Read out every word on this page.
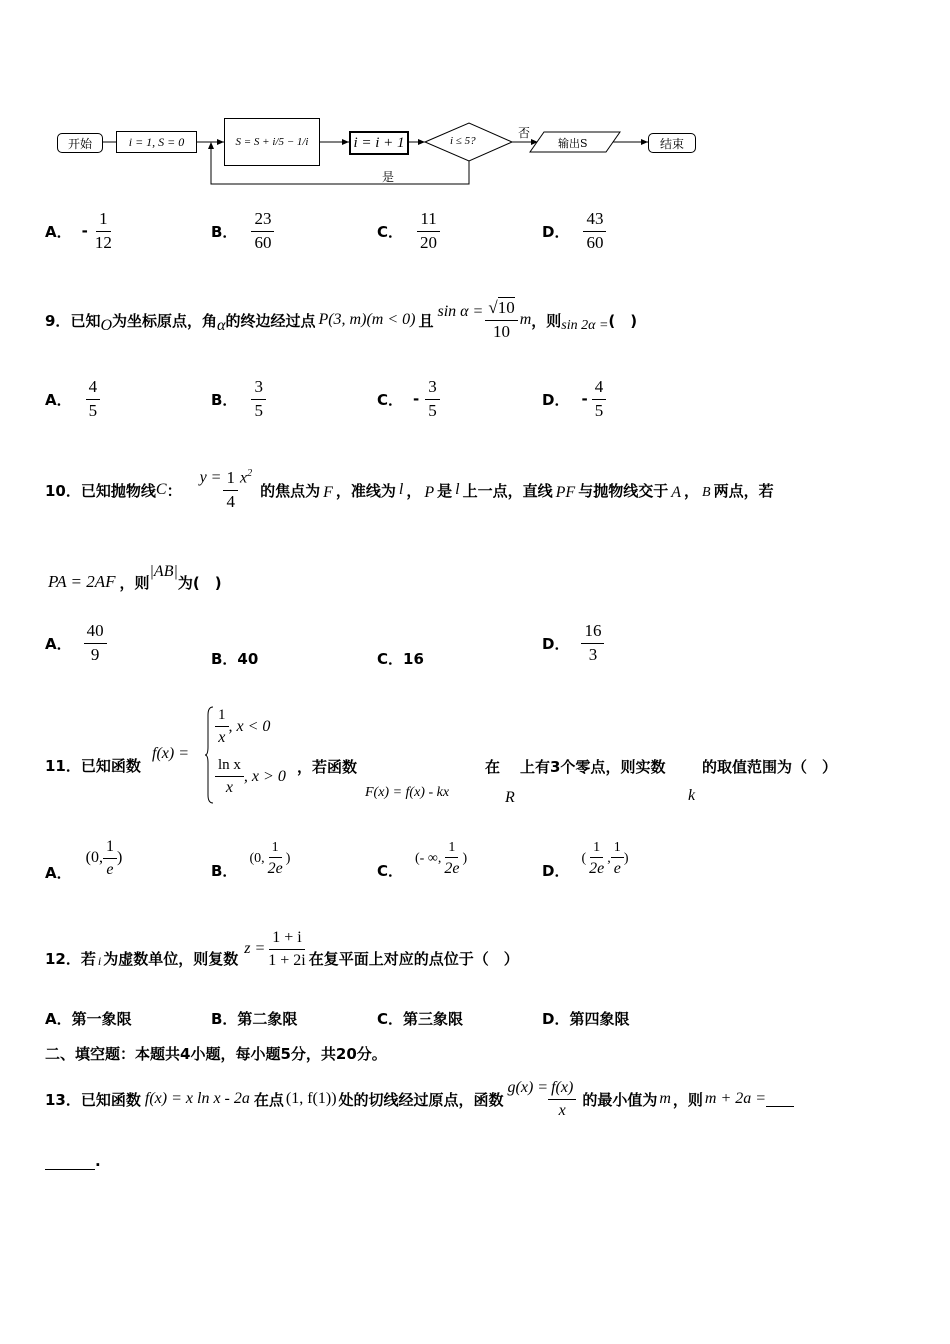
开始	i = 1, S = 0	S = S + i/5 − 1/i	i = i + 1	i ≤ 5?
否
输出S	结束
是
A． - $\frac{1}{12}$	B． $\frac{23}{60}$	C． $\frac{11}{20}$	D． $\frac{43}{60}$
9． 已知 O 为坐标原点，角 α 的终边经过点 P(3, m)(m < 0) 且 $\sin \alpha = \frac{√10}{10}$ m ，则 sin 2α = (　)
A． $\frac{4}{5}$	B． $\frac{3}{5}$	C． - $\frac{3}{5}$	D． - $\frac{4}{5}$
10． 已知抛物线 C ：
$y = \frac{1}{4} x^2$
的焦点为 F ，准线为 l ， P 是 l 上一点，直线 PF 与抛物线交于 A ， B 两点，若
PA = 2AF ，则
|AB|
为(　)
A． $\frac{40}{9}$	B．40	C．16
D． $\frac{16}{3}$
11． 已知函数
f(x) =
$\frac{1}{x}$ , x < 0
$\frac{\text{ln x}}{x}$ , x > 0
，若函数
F(x) = f(x) - kx
在
R
上有3个零点，则实数
k
的取值范围为（　）
A．
(0, $\frac{1}{e}$ )
B．
(0, $\frac{1}{2e}$ )
C．
(- ∞, $\frac{1}{2e}$ )
D．
( $\frac{1}{2e}$ , $\frac{1}{e}$ )
12． 若 i 为虚数单位，则复数
$z = \frac{1 + i}{1 + 2i}$ 在复平面上对应的点位于（　）
A．第一象限	B．第二象限	C．第三象限	D．第四象限
二、填空题：本题共4小题，每小题5分，共20分。
13． 已知函数 f(x) = x ln x - 2a 在点 (1, f(1)) 处的切线经过原点，函数
$g(x) = \frac{f(x)}{x}$ 的最小值为 m ，则 m + 2a =
.
